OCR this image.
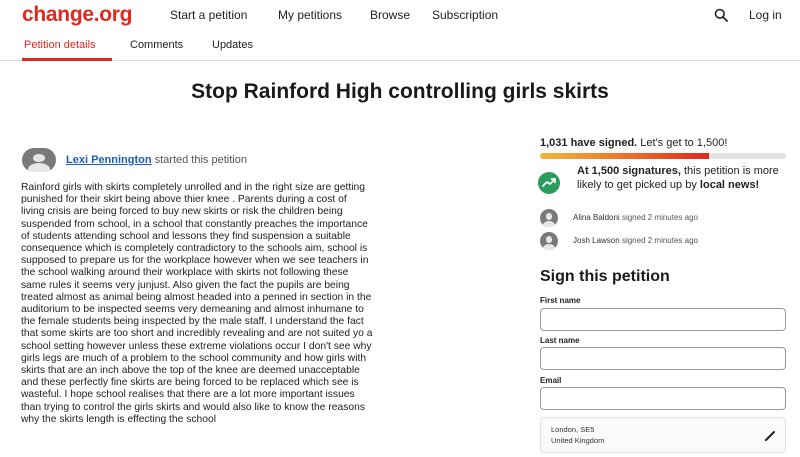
change.org	Start a petition	My petitions Browse Subscription	Log in
Petition details	Comments	Updates
Stop Rainford High controlling girls skirts
Lexi Pennington started this petition
Rainford girls with skirts completely unrolled and in the right size are getting
punished for their skirt being above thier knee . Parents during a cost of
living crisis are being forced to buy new skirts or risk the children being
suspended from school, in a school that constantly preaches the importance
of students attending school and lessons they find suspension a suitable
consequence which is completely contradictory to the schools aim, school is
supposed to prepare us for the workplace however when we see teachers in
the school walking around their workplace with skirts not following these
same rules it seems very junjust. Also given the fact the pupils are being
treated almost as animal being almost headed into a penned in section in the
auditorium to be inspected seems very demeaning and almost inhumane to
the female students being inspected by the male staff. I understand the fact
that some skirts are too short and incredibly revealing and are not suited yo a
school setting however unless these extreme violations occur I don't see why
girls legs are much of a problem to the school community and how girls with
skirts that are an inch above the top of the knee are deemed unacceptable
and these perfectly fine skirts are being forced to be replaced which see is
wasteful. I hope school realises that there are a lot more important issues
than trying to control the girls skirts and would also like to know the reasons
why the skirts length is effecting the school
1,031 have signed. Let's get to 1,500!
At 1,500 signatures, this petition is more likely to get picked up by local news!
Alina Baldoni signed 2 minutes ago
Josh Lawson signed 2 minutes ago
Sign this petition
First name
Last name
Email
London, SE5
United Kingdom
